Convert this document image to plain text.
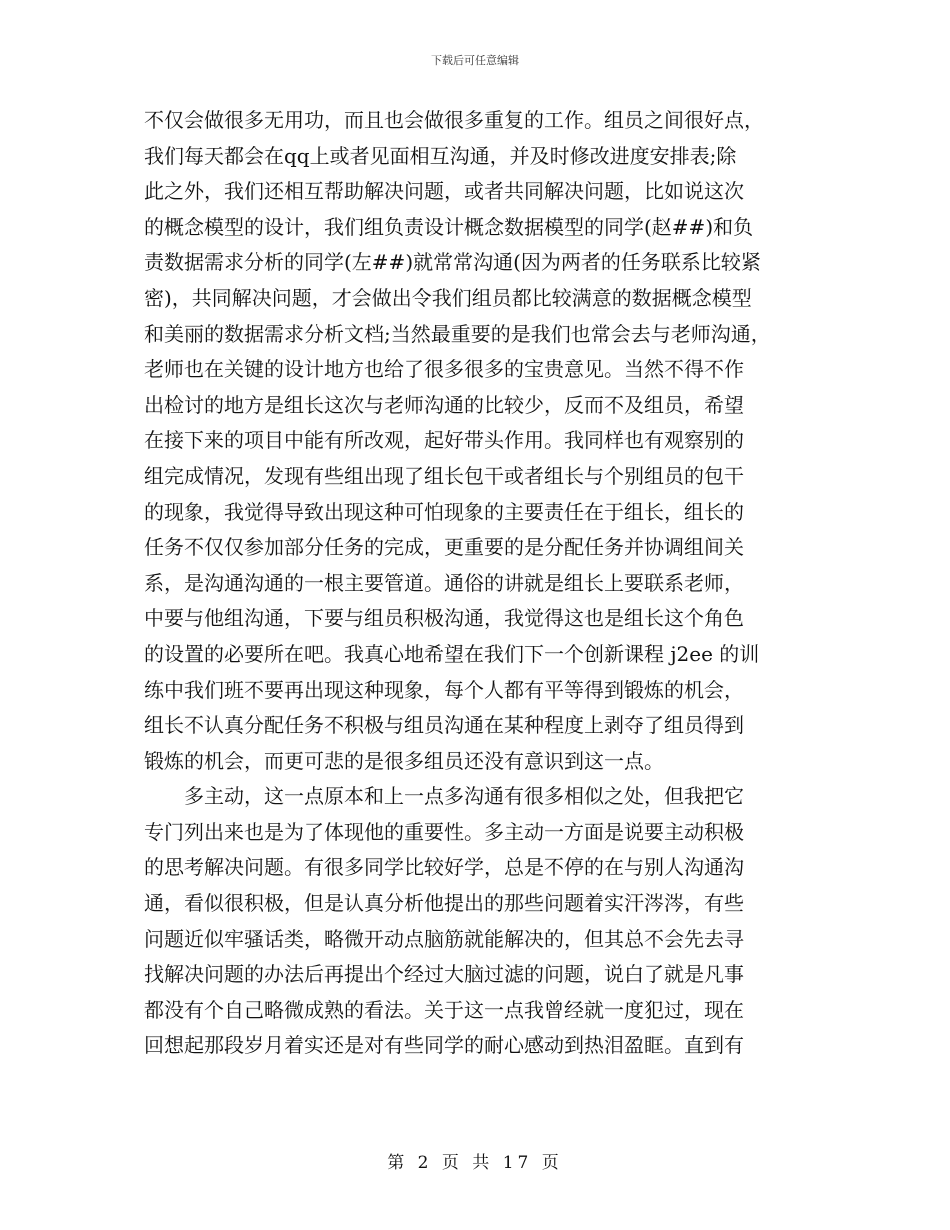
下载后可任意编辑
不仅会做很多无用功，而且也会做很多重复的工作。组员之间很好点，
我们每天都会在qq上或者见面相互沟通，并及时修改进度安排表;除
此之外，我们还相互帮助解决问题，或者共同解决问题，比如说这次
的概念模型的设计，我们组负责设计概念数据模型的同学(赵##)和负
责数据需求分析的同学(左##)就常常沟通(因为两者的任务联系比较紧
密)，共同解决问题，才会做出令我们组员都比较满意的数据概念模型
和美丽的数据需求分析文档;当然最重要的是我们也常会去与老师沟通，
老师也在关键的设计地方也给了很多很多的宝贵意见。当然不得不作
出检讨的地方是组长这次与老师沟通的比较少，反而不及组员，希望
在接下来的项目中能有所改观，起好带头作用。我同样也有观察别的
组完成情况，发现有些组出现了组长包干或者组长与个别组员的包干
的现象，我觉得导致出现这种可怕现象的主要责任在于组长，组长的
任务不仅仅参加部分任务的完成，更重要的是分配任务并协调组间关
系，是沟通沟通的一根主要管道。通俗的讲就是组长上要联系老师，
中要与他组沟通，下要与组员积极沟通，我觉得这也是组长这个角色
的设置的必要所在吧。我真心地希望在我们下一个创新课程 j2ee 的训
练中我们班不要再出现这种现象，每个人都有平等得到锻炼的机会，
组长不认真分配任务不积极与组员沟通在某种程度上剥夺了组员得到
锻炼的机会，而更可悲的是很多组员还没有意识到这一点。
　　多主动，这一点原本和上一点多沟通有很多相似之处，但我把它
专门列出来也是为了体现他的重要性。多主动一方面是说要主动积极
的思考解决问题。有很多同学比较好学，总是不停的在与别人沟通沟
通，看似很积极，但是认真分析他提出的那些问题着实汗涔涔，有些
问题近似牢骚话类，略微开动点脑筋就能解决的，但其总不会先去寻
找解决问题的办法后再提出个经过大脑过滤的问题，说白了就是凡事
都没有个自己略微成熟的看法。关于这一点我曾经就一度犯过，现在
回想起那段岁月着实还是对有些同学的耐心感动到热泪盈眶。直到有
第 2 页 共 17 页
